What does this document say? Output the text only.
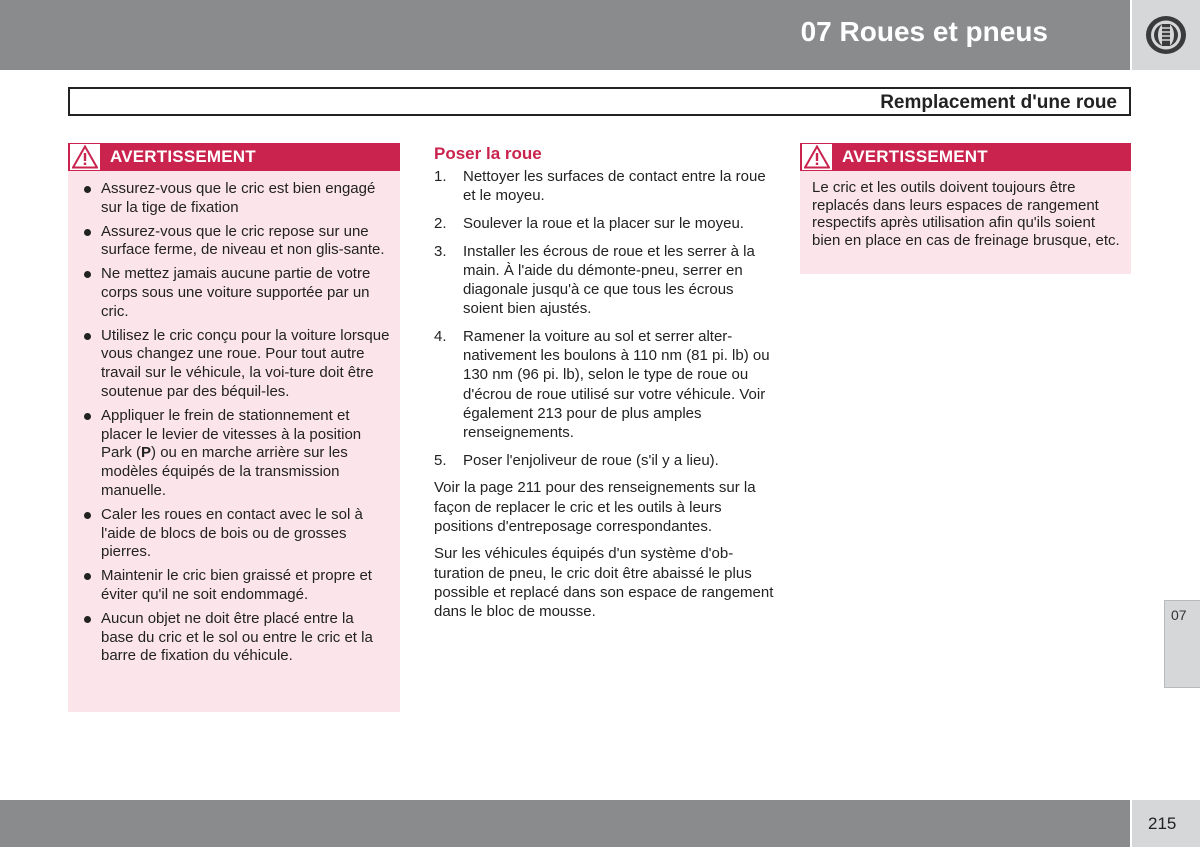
07 Roues et pneus
Remplacement d'une roue
AVERTISSEMENT
Assurez-vous que le cric est bien engagé sur la tige de fixation
Assurez-vous que le cric repose sur une surface ferme, de niveau et non glis-sante.
Ne mettez jamais aucune partie de votre corps sous une voiture supportée par un cric.
Utilisez le cric conçu pour la voiture lorsque vous changez une roue. Pour tout autre travail sur le véhicule, la voi-ture doit être soutenue par des béquil-les.
Appliquer le frein de stationnement et placer le levier de vitesses à la position Park (P) ou en marche arrière sur les modèles équipés de la transmission manuelle.
Caler les roues en contact avec le sol à l'aide de blocs de bois ou de grosses pierres.
Maintenir le cric bien graissé et propre et éviter qu'il ne soit endommagé.
Aucun objet ne doit être placé entre la base du cric et le sol ou entre le cric et la barre de fixation du véhicule.
Poser la roue
1.	Nettoyer les surfaces de contact entre la roue et le moyeu.
2.	Soulever la roue et la placer sur le moyeu.
3.	Installer les écrous de roue et les serrer à la main. À l'aide du démonte-pneu, serrer en diagonale jusqu'à ce que tous les écrous soient bien ajustés.
4.	Ramener la voiture au sol et serrer alter-nativement les boulons à 110 nm (81 pi. lb) ou 130 nm (96 pi. lb), selon le type de roue ou d'écrou de roue utilisé sur votre véhicule. Voir également 213 pour de plus amples renseignements.
5.	Poser l'enjoliveur de roue (s'il y a lieu).

Voir la page 211 pour des renseignements sur la façon de replacer le cric et les outils à leurs positions d'entreposage correspondantes.

Sur les véhicules équipés d'un système d'ob-turation de pneu, le cric doit être abaissé le plus possible et replacé dans son espace de rangement dans le bloc de mousse.

AVERTISSEMENT
Le cric et les outils doivent toujours être replacés dans leurs espaces de rangement respectifs après utilisation afin qu'ils soient bien en place en cas de freinage brusque, etc.
07
215
